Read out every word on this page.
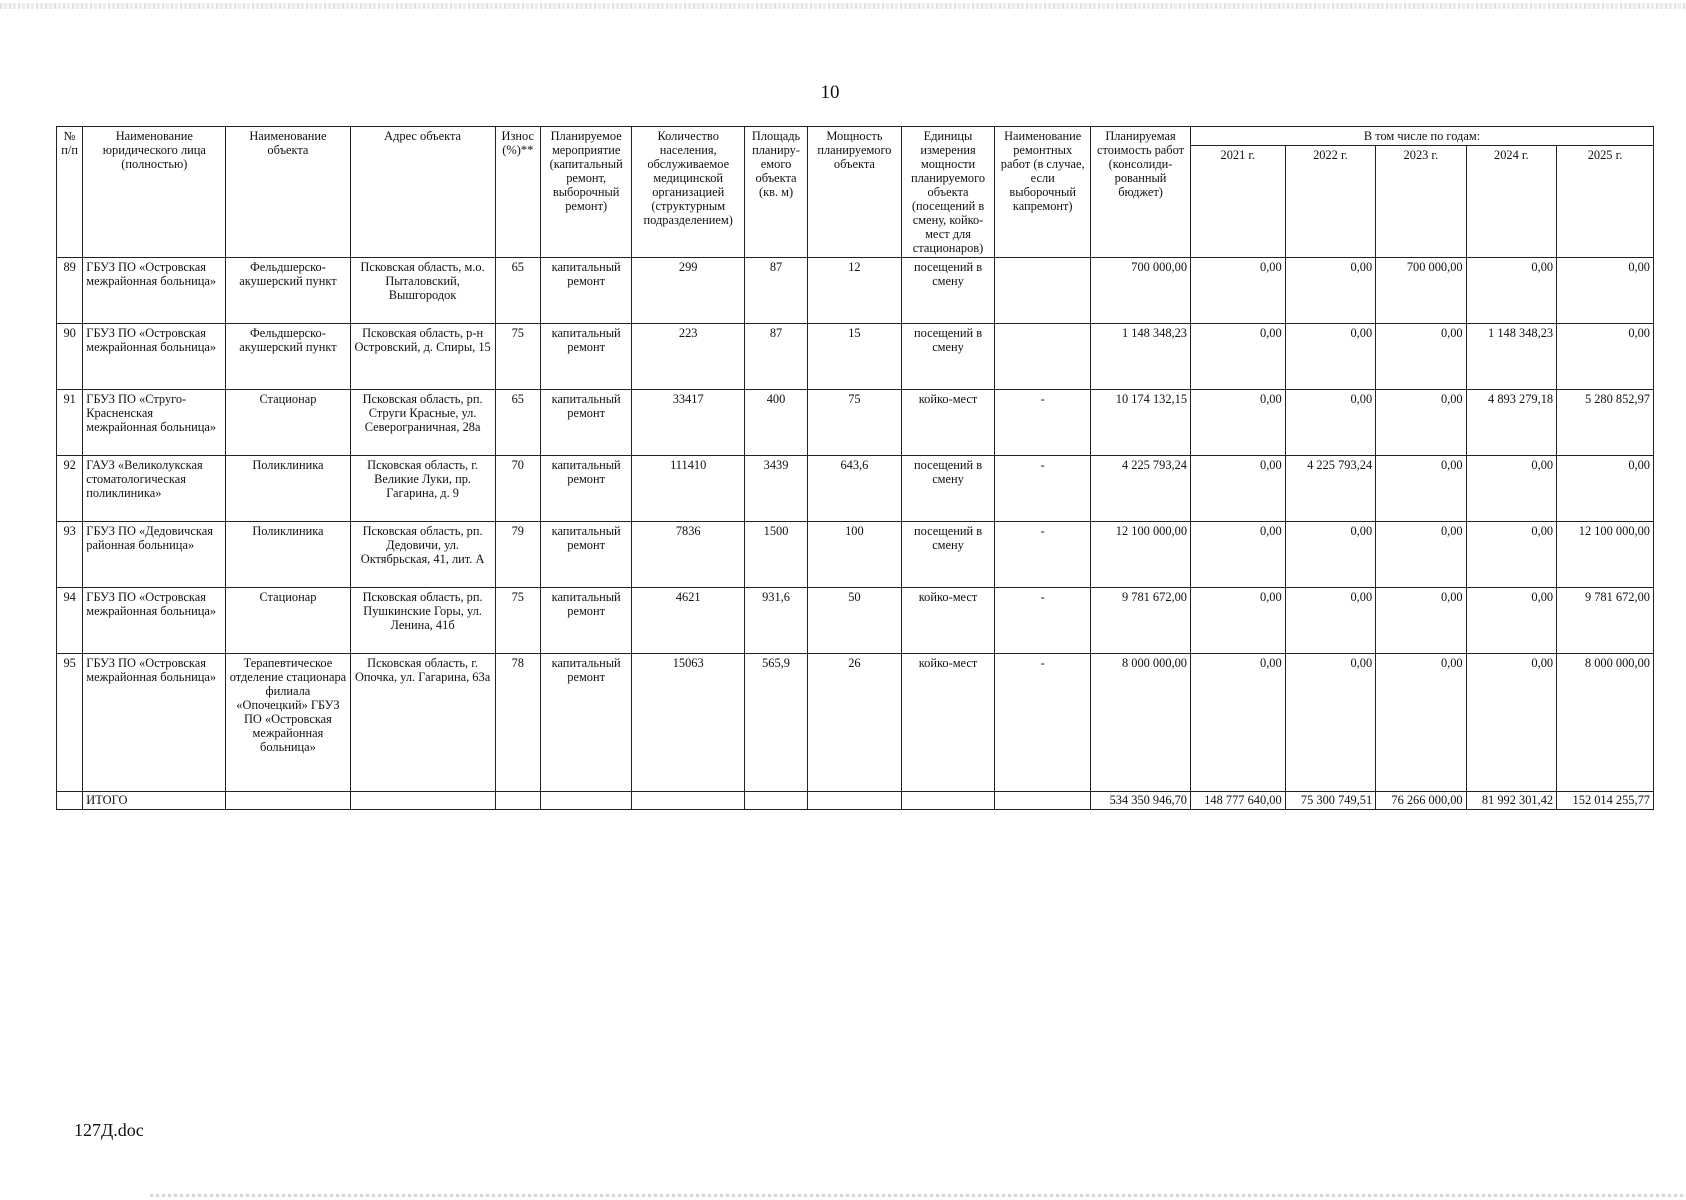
10
№ п/п	Наименование юридического лица (полностью)	Наименование объекта	Адрес объекта	Износ (%)**	Планируемое мероприятие (капитальный ремонт, выборочный ремонт)	Количество населения, обслуживаемое медицинской организацией (структурным подразделением)	Площадь планиру-емого объекта (кв. м)	Мощность планируемого объекта	Единицы измерения мощности планируемого объекта (посещений в смену, койко-мест для стационаров)	Наименование ремонтных работ (в случае, если выборочный капремонт)	Планируемая стоимость работ (консолиди-рованный бюджет)	В том числе по годам:				
												2021 г.	2022 г.	2023 г.	2024 г.	2025 г.
89	ГБУЗ ПО «Островская межрайонная больница»	Фельдшерско-акушерский пункт	Псковская область, м.о. Пыталовский, Вышгородок	65	капитальный ремонт	299	87	12	посещений в смену		700 000,00	0,00	0,00	700 000,00	0,00	0,00
90	ГБУЗ ПО «Островская межрайонная больница»	Фельдшерско-акушерский пункт	Псковская область, р-н Островский, д. Спиры, 15	75	капитальный ремонт	223	87	15	посещений в смену		1 148 348,23	0,00	0,00	0,00	1 148 348,23	0,00
91	ГБУЗ ПО «Струго-Красненская межрайонная больница»	Стационар	Псковская область, рп. Струги Красные, ул. Северограничная, 28а	65	капитальный ремонт	33417	400	75	койко-мест	-	10 174 132,15	0,00	0,00	0,00	4 893 279,18	5 280 852,97
92	ГАУЗ «Великолукская стоматологическая поликлиника»	Поликлиника	Псковская область, г. Великие Луки, пр. Гагарина, д. 9	70	капитальный ремонт	111410	3439	643,6	посещений в смену	-	4 225 793,24	0,00	4 225 793,24	0,00	0,00	0,00
93	ГБУЗ ПО «Дедовичская районная больница»	Поликлиника	Псковская область, рп. Дедовичи, ул. Октябрьская, 41, лит. А	79	капитальный ремонт	7836	1500	100	посещений в смену	-	12 100 000,00	0,00	0,00	0,00	0,00	12 100 000,00
94	ГБУЗ ПО «Островская межрайонная больница»	Стационар	Псковская область, рп. Пушкинские Горы, ул. Ленина, 41б	75	капитальный ремонт	4621	931,6	50	койко-мест	-	9 781 672,00	0,00	0,00	0,00	0,00	9 781 672,00
95	ГБУЗ ПО «Островская межрайонная больница»	Терапевтическое отделение стационара филиала «Опочецкий» ГБУЗ ПО «Островская межрайонная больница»	Псковская область, г. Опочка, ул. Гагарина, 63а	78	капитальный ремонт	15063	565,9	26	койко-мест	-	8 000 000,00	0,00	0,00	0,00	0,00	8 000 000,00
	ИТОГО										534 350 946,70	148 777 640,00	75 300 749,51	76 266 000,00	81 992 301,42	152 014 255,77
127Д.doc
